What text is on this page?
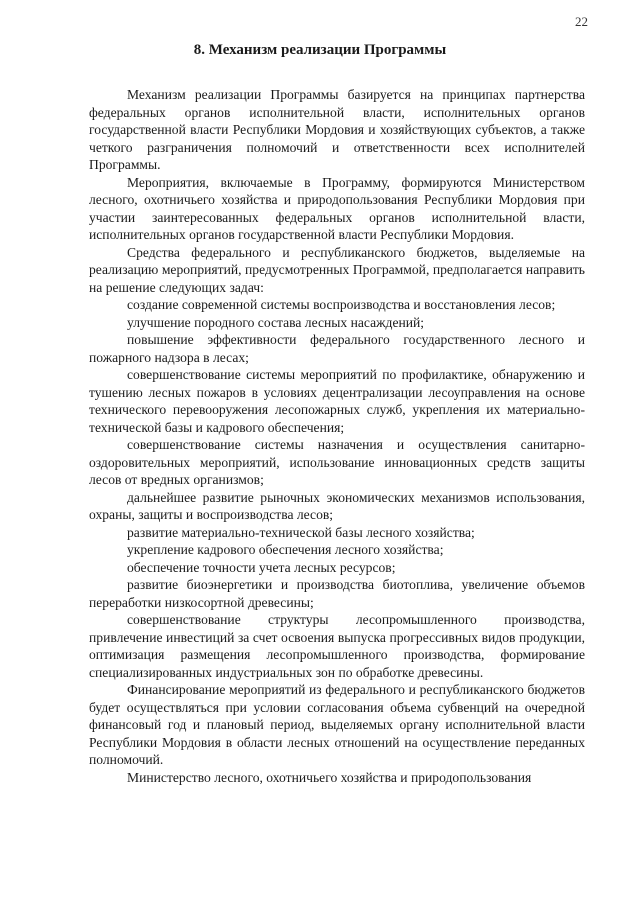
22
8. Механизм реализации Программы

Механизм реализации Программы базируется на принципах партнерства федеральных органов исполнительной власти, исполнительных органов государственной власти Республики Мордовия и хозяйствующих субъектов, а также четкого разграничения полномочий и ответственности всех исполнителей Программы.

Мероприятия, включаемые в Программу, формируются Министерством лесного, охотничьего хозяйства и природопользования Республики Мордовия при участии заинтересованных федеральных органов исполнительной власти, исполнительных органов государственной власти Республики Мордовия.

Средства федерального и республиканского бюджетов, выделяемые на реализацию мероприятий, предусмотренных Программой, предполагается направить на решение следующих задач:

создание современной системы воспроизводства и восстановления лесов;

улучшение породного состава лесных насаждений;

повышение эффективности федерального государственного лесного и пожарного надзора в лесах;

совершенствование системы мероприятий по профилактике, обнаружению и тушению лесных пожаров в условиях децентрализации лесоуправления на основе технического перевооружения лесопожарных служб, укрепления их материально-технической базы и кадрового обеспечения;

совершенствование системы назначения и осуществления санитарно-оздоровительных мероприятий, использование инновационных средств защиты лесов от вредных организмов;

дальнейшее развитие рыночных экономических механизмов использования, охраны, защиты и воспроизводства лесов;

развитие материально-технической базы лесного хозяйства;

укрепление кадрового обеспечения лесного хозяйства;

обеспечение точности учета лесных ресурсов;

развитие биоэнергетики и производства биотоплива, увеличение объемов переработки низкосортной древесины;

совершенствование структуры лесопромышленного производства, привлечение инвестиций за счет освоения выпуска прогрессивных видов продукции, оптимизация размещения лесопромышленного производства, формирование специализированных индустриальных зон по обработке древесины.

Финансирование мероприятий из федерального и республиканского бюджетов будет осуществляться при условии согласования объема субвенций на очередной финансовый год и плановый период, выделяемых органу исполнительной власти Республики Мордовия в области лесных отношений на осуществление переданных полномочий.

Министерство лесного, охотничьего хозяйства и природопользования
